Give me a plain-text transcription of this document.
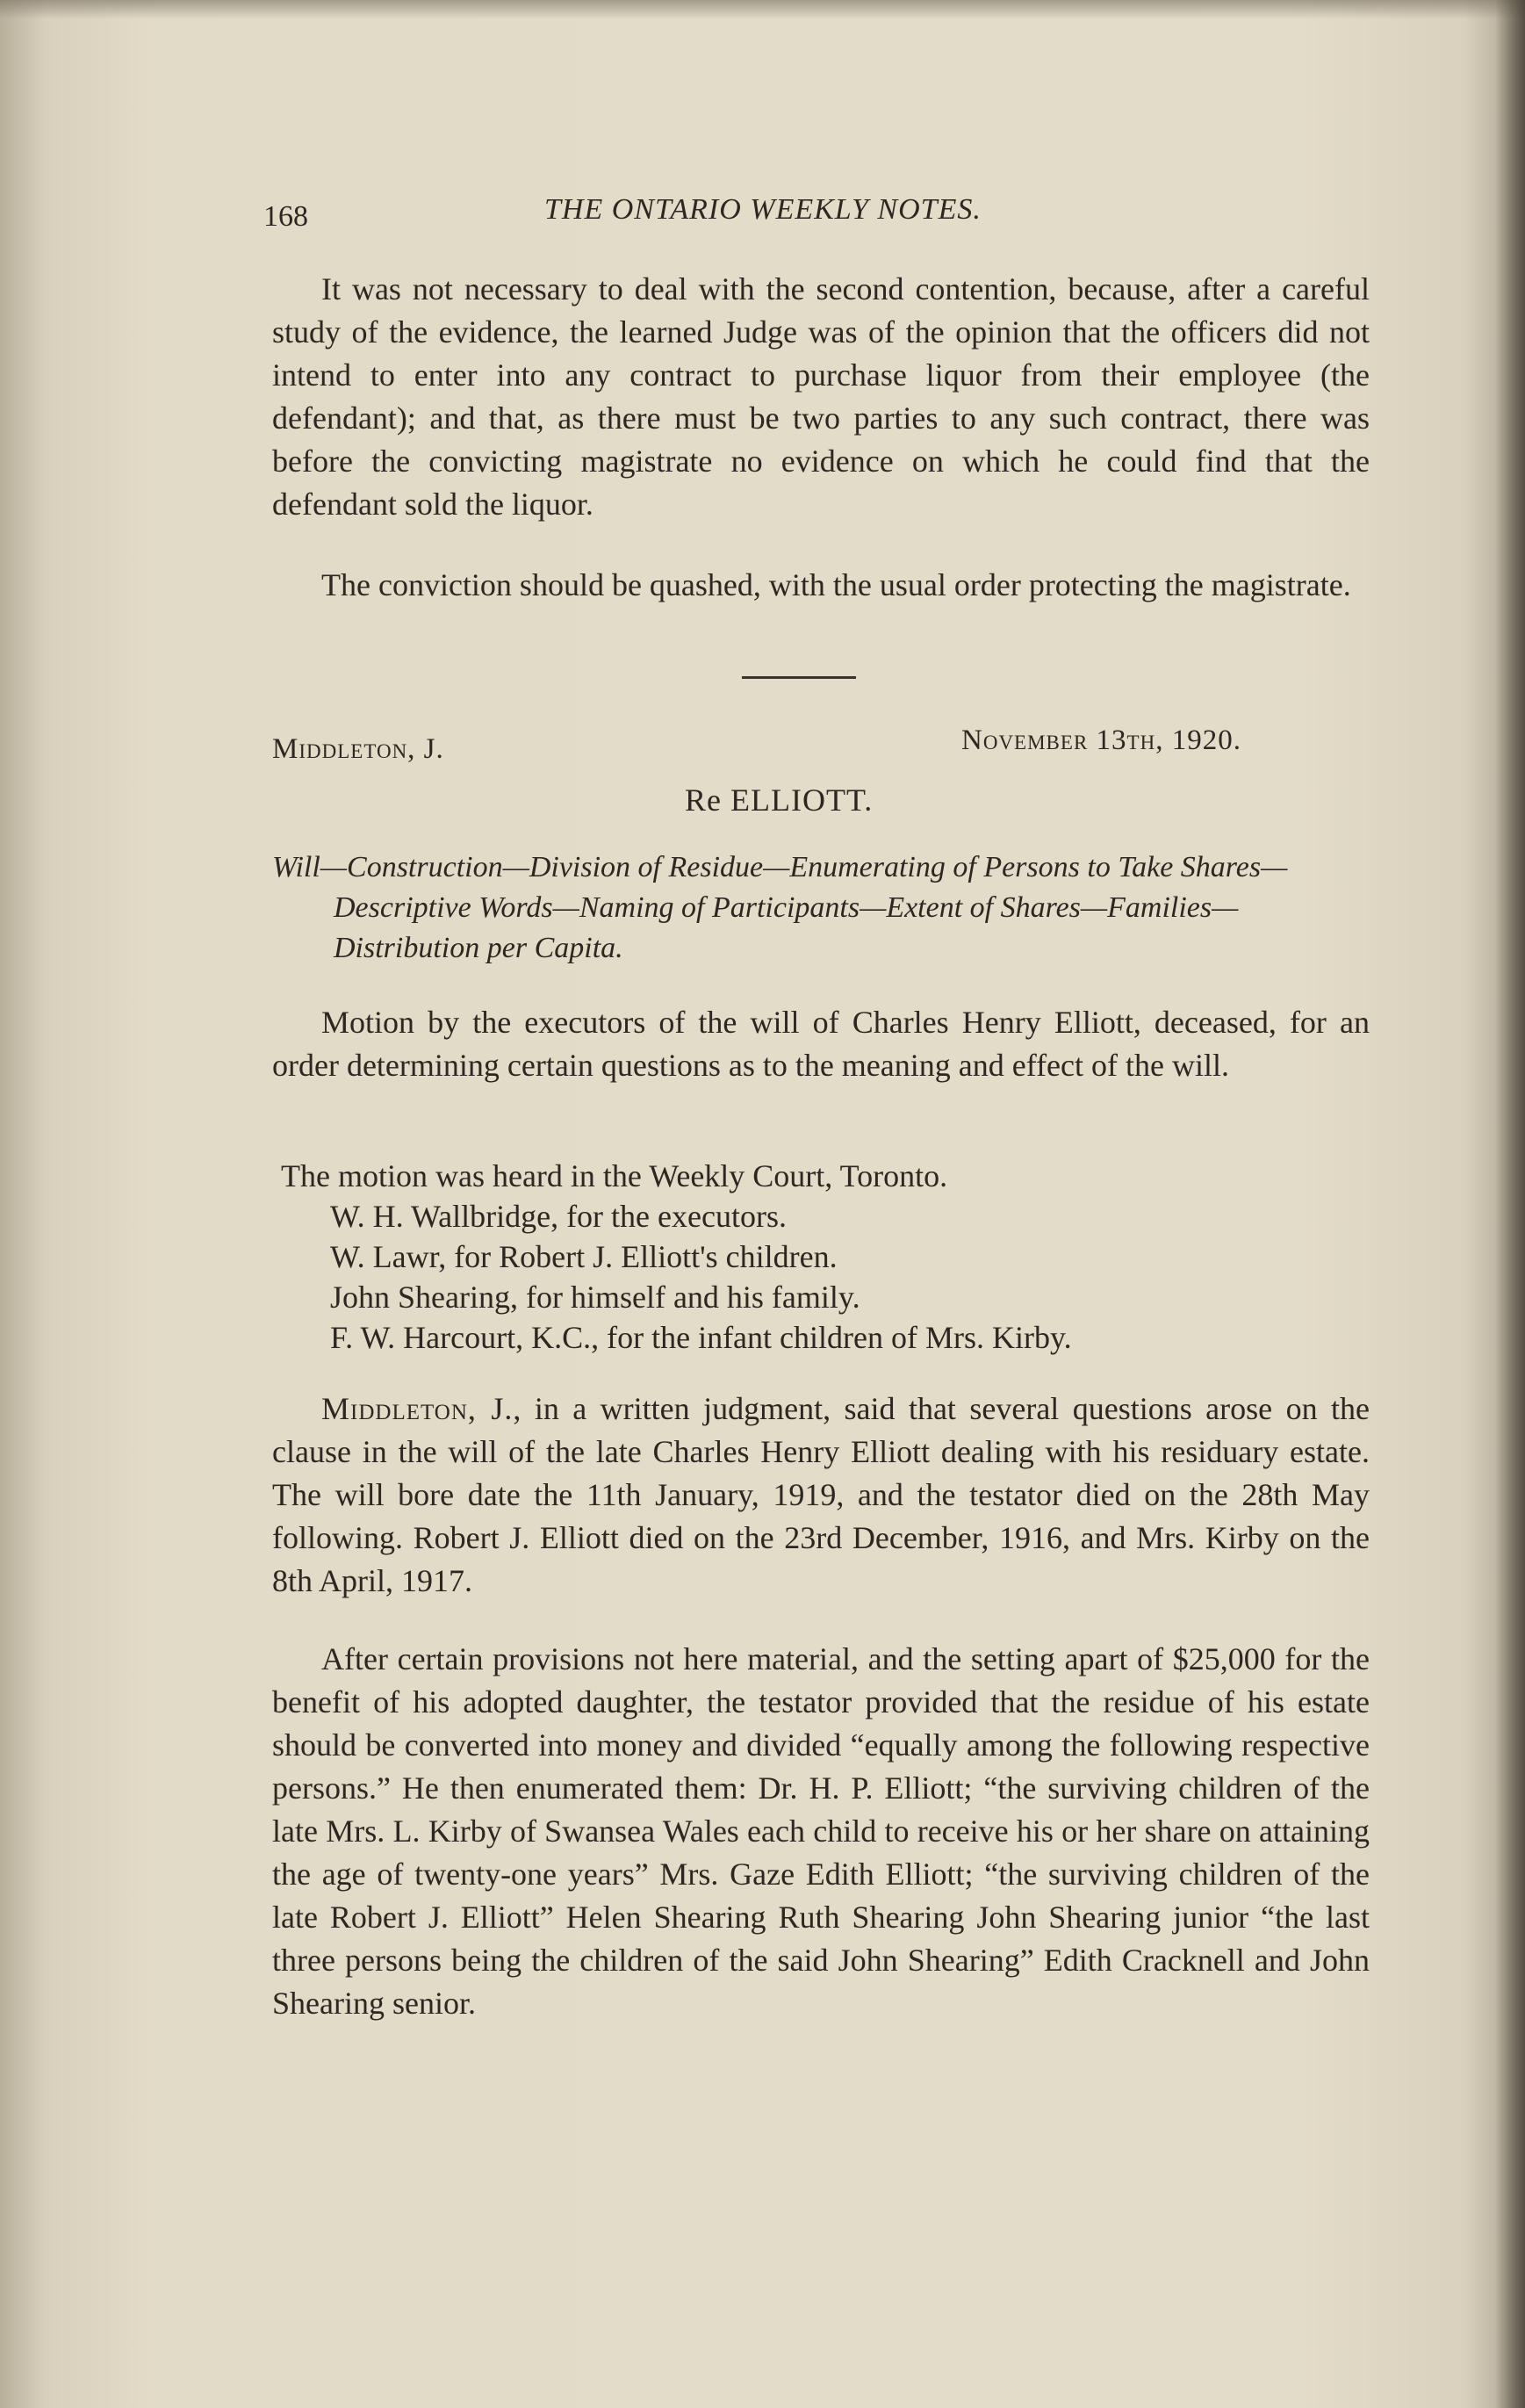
168	THE ONTARIO WEEKLY NOTES.

It was not necessary to deal with the second contention, because, after a careful study of the evidence, the learned Judge was of the opinion that the officers did not intend to enter into any contract to purchase liquor from their employee (the defendant); and that, as there must be two parties to any such contract, there was before the convicting magistrate no evidence on which he could find that the defendant sold the liquor.

The conviction should be quashed, with the usual order protecting the magistrate.

Middleton, J.	November 13th, 1920.
Re ELLIOTT.

Will—Construction—Division of Residue—Enumerating of Persons to Take Shares—Descriptive Words—Naming of Participants—Extent of Shares—Families—Distribution per Capita.

Motion by the executors of the will of Charles Henry Elliott, deceased, for an order determining certain questions as to the meaning and effect of the will.

The motion was heard in the Weekly Court, Toronto.

W. H. Wallbridge, for the executors.
W. Lawr, for Robert J. Elliott's children.
John Shearing, for himself and his family.
F. W. Harcourt, K.C., for the infant children of Mrs. Kirby.

Middleton, J., in a written judgment, said that several questions arose on the clause in the will of the late Charles Henry Elliott dealing with his residuary estate. The will bore date the 11th January, 1919, and the testator died on the 28th May following. Robert J. Elliott died on the 23rd December, 1916, and Mrs. Kirby on the 8th April, 1917.

After certain provisions not here material, and the setting apart of $25,000 for the benefit of his adopted daughter, the testator provided that the residue of his estate should be converted into money and divided “equally among the following respective persons.” He then enumerated them: Dr. H. P. Elliott; “the surviving children of the late Mrs. L. Kirby of Swansea Wales each child to receive his or her share on attaining the age of twenty-one years” Mrs. Gaze Edith Elliott; “the surviving children of the late Robert J. Elliott” Helen Shearing Ruth Shearing John Shearing junior “the last three persons being the children of the said John Shearing” Edith Cracknell and John Shearing senior.
